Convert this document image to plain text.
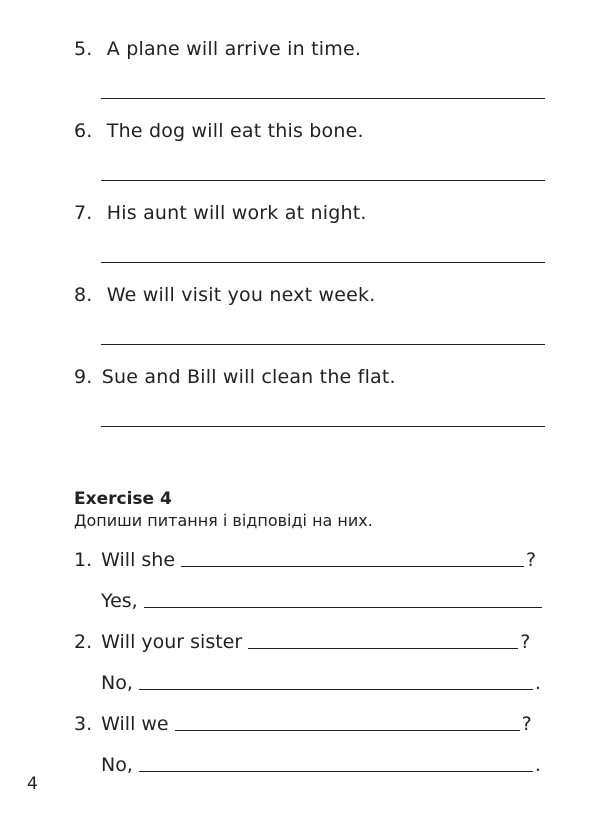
5. A plane will arrive in time.
6. The dog will eat this bone.
7. His aunt will work at night.
8. We will visit you next week.
9. Sue and Bill will clean the flat.
Exercise 4
Допиши питання і відповіді на них.
1. Will she	?
Yes,
2. Will your sister	?
No,	.
3. Will we	?
No,	.
4
